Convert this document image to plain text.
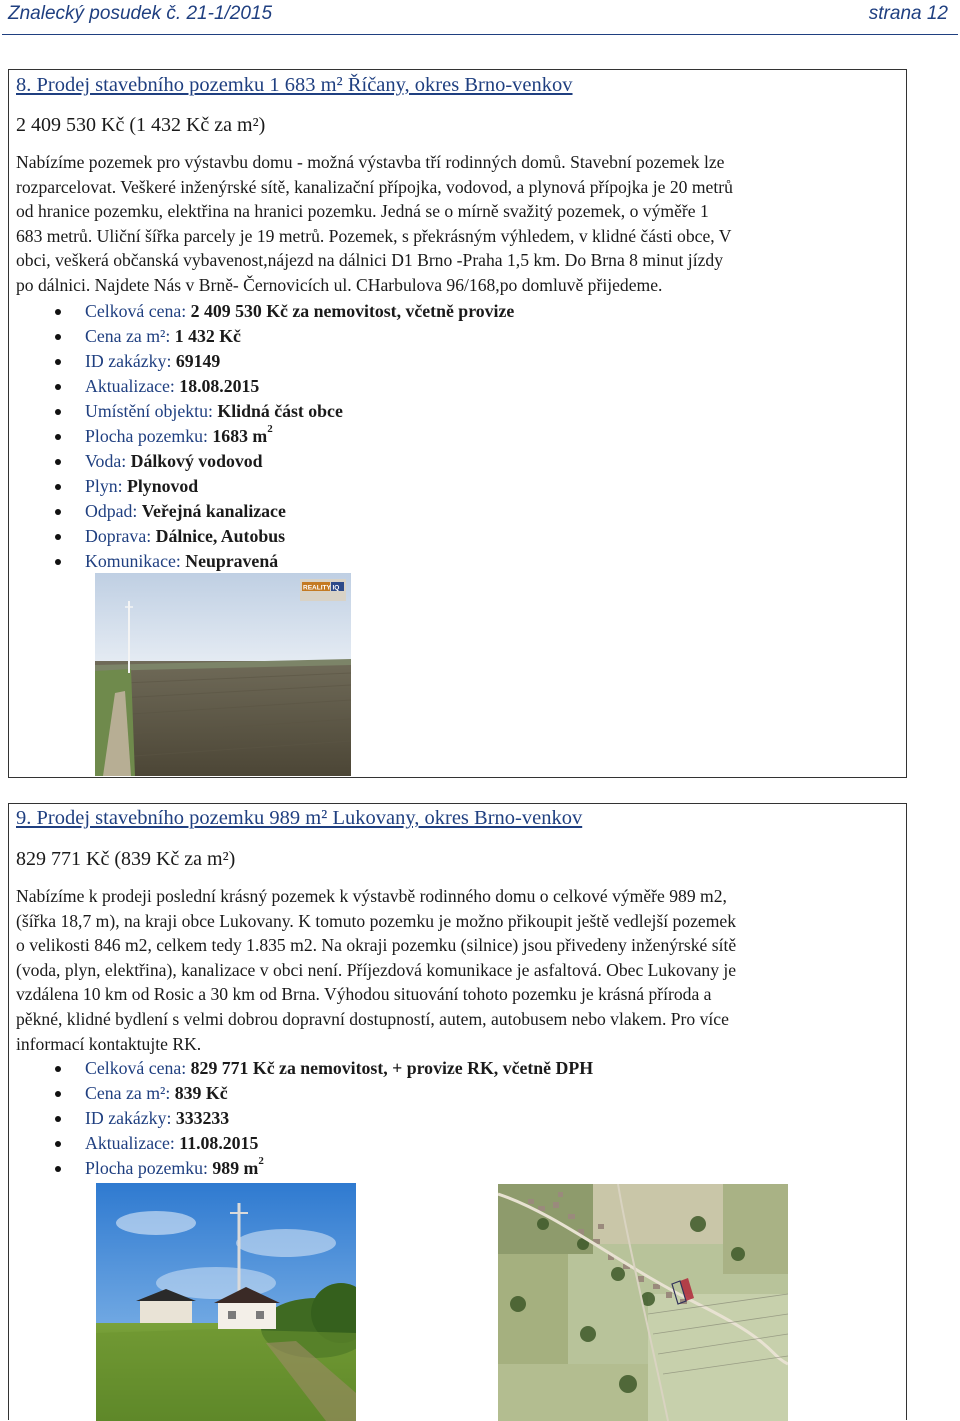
Znalecký posudek č. 21-1/2015	strana 12
8. Prodej stavebního pozemku 1 683 m² Říčany, okres Brno-venkov
2 409 530 Kč (1 432 Kč za m²)
Nabízíme pozemek pro výstavbu domu - možná výstavba tří rodinných domů. Stavební pozemek lze
rozparcelovat. Veškeré inženýrské sítě, kanalizační přípojka, vodovod, a plynová přípojka je 20 metrů
od hranice pozemku, elektřina na hranici pozemku. Jedná se o mírně svažitý pozemek, o výměře 1
683 metrů. Uliční šířka parcely je 19 metrů. Pozemek, s překrásným výhledem, v klidné části obce, V
obci, veškerá občanská vybavenost,nájezd na dálnici D1 Brno -Praha 1,5 km. Do Brna 8 minut jízdy
po dálnici. Najdete Nás v Brně- Černovicích ul. CHarbulova 96/168,po domluvě přijedeme.
Celková cena: 2 409 530 Kč za nemovitost, včetně provize
Cena za m²: 1 432 Kč
ID zakázky: 69149
Aktualizace: 18.08.2015
Umístění objektu: Klidná část obce
Plocha pozemku: 1683 $m^2$
Voda: Dálkový vodovod
Plyn: Plynovod
Odpad: Veřejná kanalizace
Doprava: Dálnice, Autobus
Komunikace: Neupravená
REALITY IQ
9. Prodej stavebního pozemku 989 m² Lukovany, okres Brno-venkov
829 771 Kč (839 Kč za m²)
Nabízíme k prodeji poslední krásný pozemek k výstavbě rodinného domu o celkové výměře 989 m2,
(šířka 18,7 m), na kraji obce Lukovany. K tomuto pozemku je možno přikoupit ještě vedlejší pozemek
o velikosti 846 m2, celkem tedy 1.835 m2. Na okraji pozemku (silnice) jsou přivedeny inženýrské sítě
(voda, plyn, elektřina), kanalizace v obci není. Příjezdová komunikace je asfaltová. Obec Lukovany je
vzdálena 10 km od Rosic a 30 km od Brna. Výhodou situování tohoto pozemku je krásná příroda a
pěkné, klidné bydlení s velmi dobrou dopravní dostupností, autem, autobusem nebo vlakem. Pro více
informací kontaktujte RK.
Celková cena: 829 771 Kč za nemovitost, + provize RK, včetně DPH
Cena za m²: 839 Kč
ID zakázky: 333233
Aktualizace: 11.08.2015
Plocha pozemku: 989 $m^2$
